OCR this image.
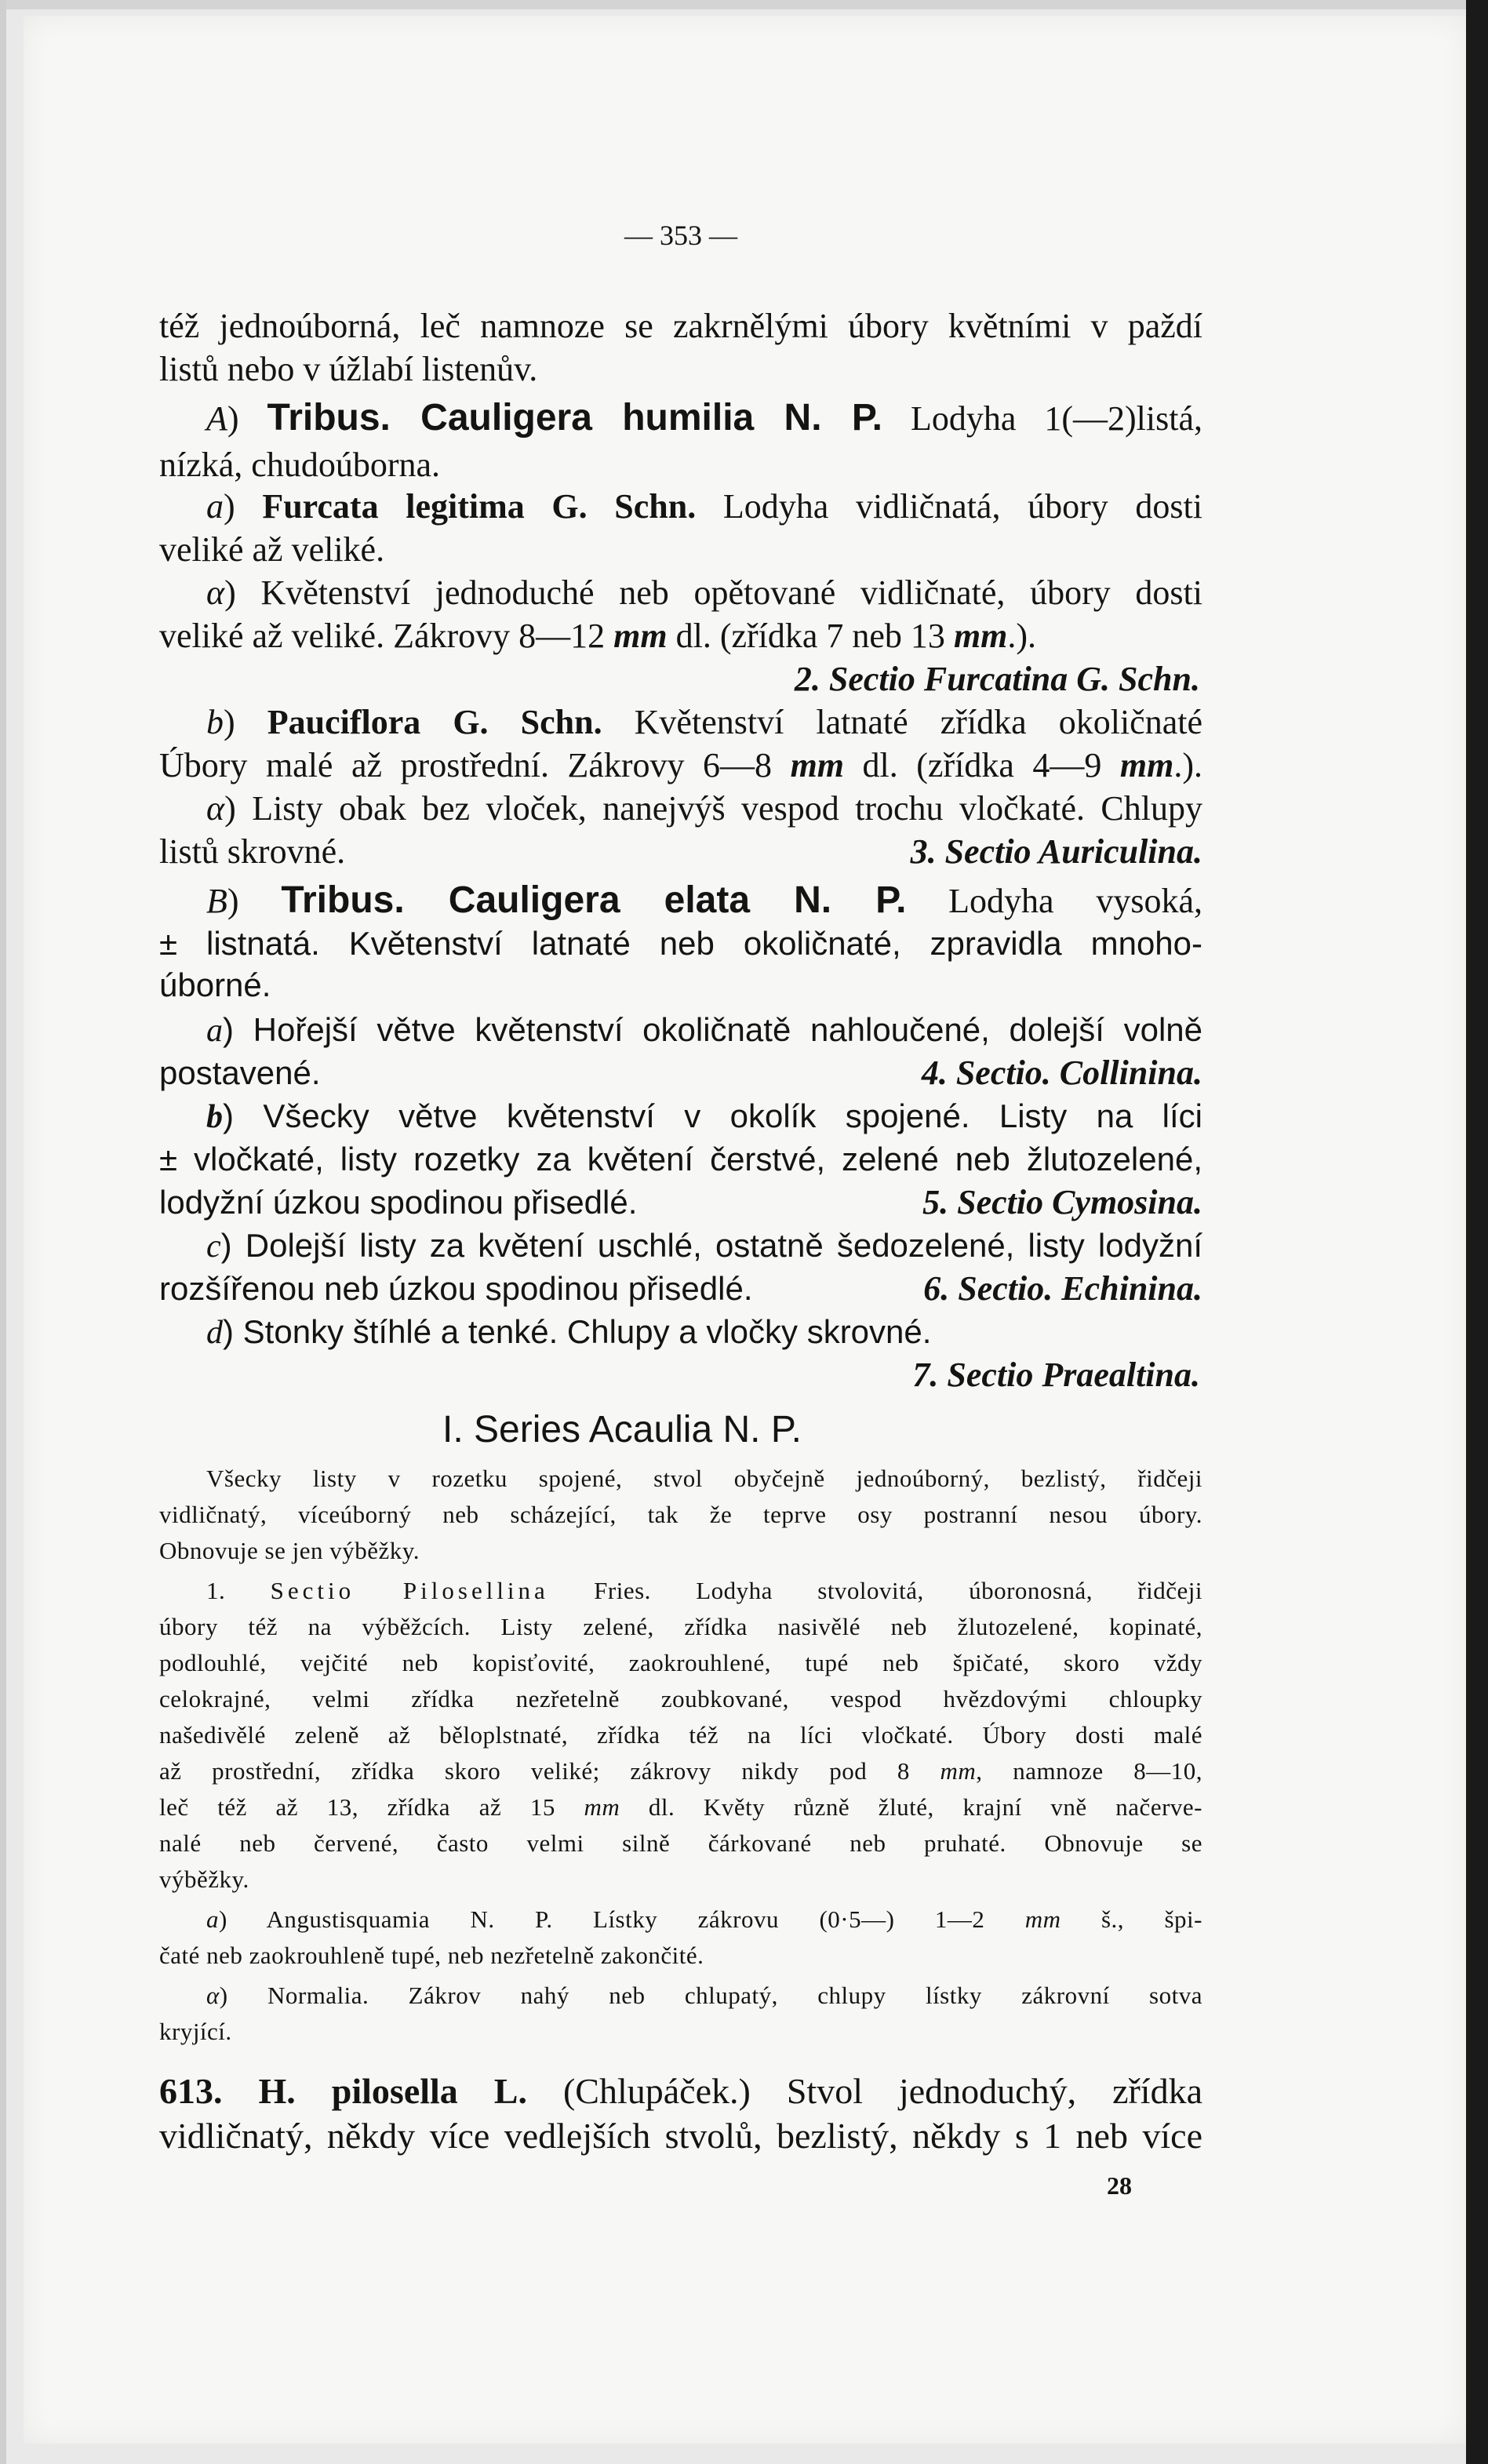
— 353 —
též jednoúborná, leč namnoze se zakrnělými úbory květními v paždí
listů nebo v úžlabí listenův.
A) Tribus. Cauligera humilia N. P. Lodyha 1(—2)listá,
nízká, chudoúborna.
a) Furcata legitima G. Schn. Lodyha vidličnatá, úbory dosti
veliké až veliké.
α) Květenství jednoduché neb opětované vidličnaté, úbory dosti
veliké až veliké. Zákrovy 8—12 mm dl. (zřídka 7 neb 13 mm.).
2. Sectio Furcatina G. Schn.
b) Pauciflora G. Schn. Květenství latnaté zřídka okoličnaté
Úbory malé až prostřední. Zákrovy 6—8 mm dl. (zřídka 4—9 mm.).
α) Listy obak bez vloček, nanejvýš vespod trochu vločkaté. Chlupy
listů skrovné.	3. Sectio Auriculina.
B) Tribus. Cauligera elata N. P. Lodyha vysoká,
± listnatá. Květenství latnaté neb okoličnaté, zpravidla mnoho-
úborné.
a) Hořejší větve květenství okoličnatě nahloučené, dolejší volně
postavené.	4. Sectio. Collinina.
b) Všecky větve květenství v okolík spojené. Listy na líci
± vločkaté, listy rozetky za květení čerstvé, zelené neb žlutozelené,
lodyžní úzkou spodinou přisedlé.	5. Sectio Cymosina.
c) Dolejší listy za květení uschlé, ostatně šedozelené, listy lodyžní
rozšířenou neb úzkou spodinou přisedlé.	6. Sectio. Echinina.
d) Stonky štíhlé a tenké. Chlupy a vločky skrovné.
7. Sectio Praealtina.
I. Series Acaulia N. P.
Všecky listy v rozetku spojené, stvol obyčejně jednoúborný, bezlistý, řidčeji
vidličnatý, víceúborný neb scházející, tak že teprve osy postranní nesou úbory.
Obnovuje se jen výběžky.
1. Sectio Pilosellina Fries. Lodyha stvolovitá, úboronosná, řidčeji
úbory též na výběžcích. Listy zelené, zřídka nasivělé neb žlutozelené, kopinaté,
podlouhlé, vejčité neb kopisťovité, zaokrouhlené, tupé neb špičaté, skoro vždy
celokrajné, velmi zřídka nezřetelně zoubkované, vespod hvězdovými chloupky
našedivělé zeleně až běloplstnaté, zřídka též na líci vločkaté. Úbory dosti malé
až prostřední, zřídka skoro veliké; zákrovy nikdy pod 8 mm, namnoze 8—10,
leč též až 13, zřídka až 15 mm dl. Květy různě žluté, krajní vně načerve-
nalé neb červené, často velmi silně čárkované neb pruhaté. Obnovuje se
výběžky.
a) Angustisquamia N. P. Lístky zákrovu (0·5—) 1—2 mm š., špi-
čaté neb zaokrouhleně tupé, neb nezřetelně zakončité.
α) Normalia. Zákrov nahý neb chlupatý, chlupy lístky zákrovní sotva
kryjící.
613. H. pilosella L. (Chlupáček.) Stvol jednoduchý, zřídka
vidličnatý, někdy více vedlejších stvolů, bezlistý, někdy s 1 neb více
28
